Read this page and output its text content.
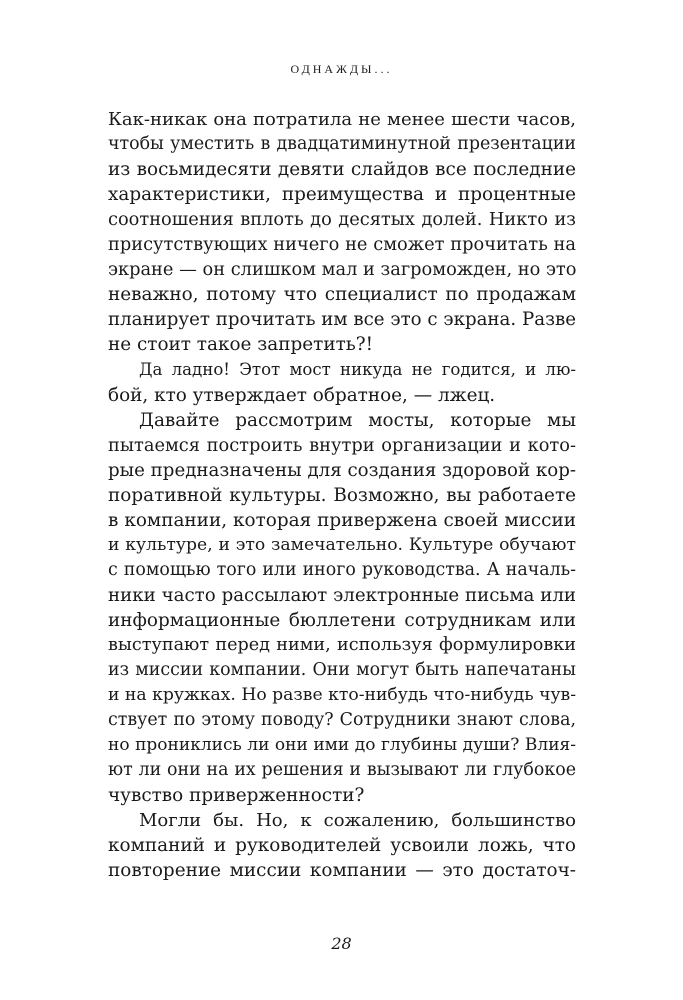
ОДНАЖДЫ...
Как-никак она потратила не менее шести часов,
чтобы уместить в двадцатиминутной презентации
из восьмидесяти девяти слайдов все последние
характеристики, преимущества и процентные
соотношения вплоть до десятых долей. Никто из
присутствующих ничего не сможет прочитать на
экране — он слишком мал и загроможден, но это
неважно, потому что специалист по продажам
планирует прочитать им все это с экрана. Разве
не стоит такое запретить?!
Да ладно! Этот мост никуда не годится, и лю-
бой, кто утверждает обратное, — лжец.
Давайте рассмотрим мосты, которые мы
пытаемся построить внутри организации и кото-
рые предназначены для создания здоровой кор-
поративной культуры. Возможно, вы работаете
в компании, которая привержена своей миссии
и культуре, и это замечательно. Культуре обучают
с помощью того или иного руководства. А началь-
ники часто рассылают электронные письма или
информационные бюллетени сотрудникам или
выступают перед ними, используя формулировки
из миссии компании. Они могут быть напечатаны
и на кружках. Но разве кто-нибудь что-нибудь чув-
ствует по этому поводу? Сотрудники знают слова,
но прониклись ли они ими до глубины души? Влия-
ют ли они на их решения и вызывают ли глубокое
чувство приверженности?
Могли бы. Но, к сожалению, большинство
компаний и руководителей усвоили ложь, что
повторение миссии компании — это достаточ-
28
